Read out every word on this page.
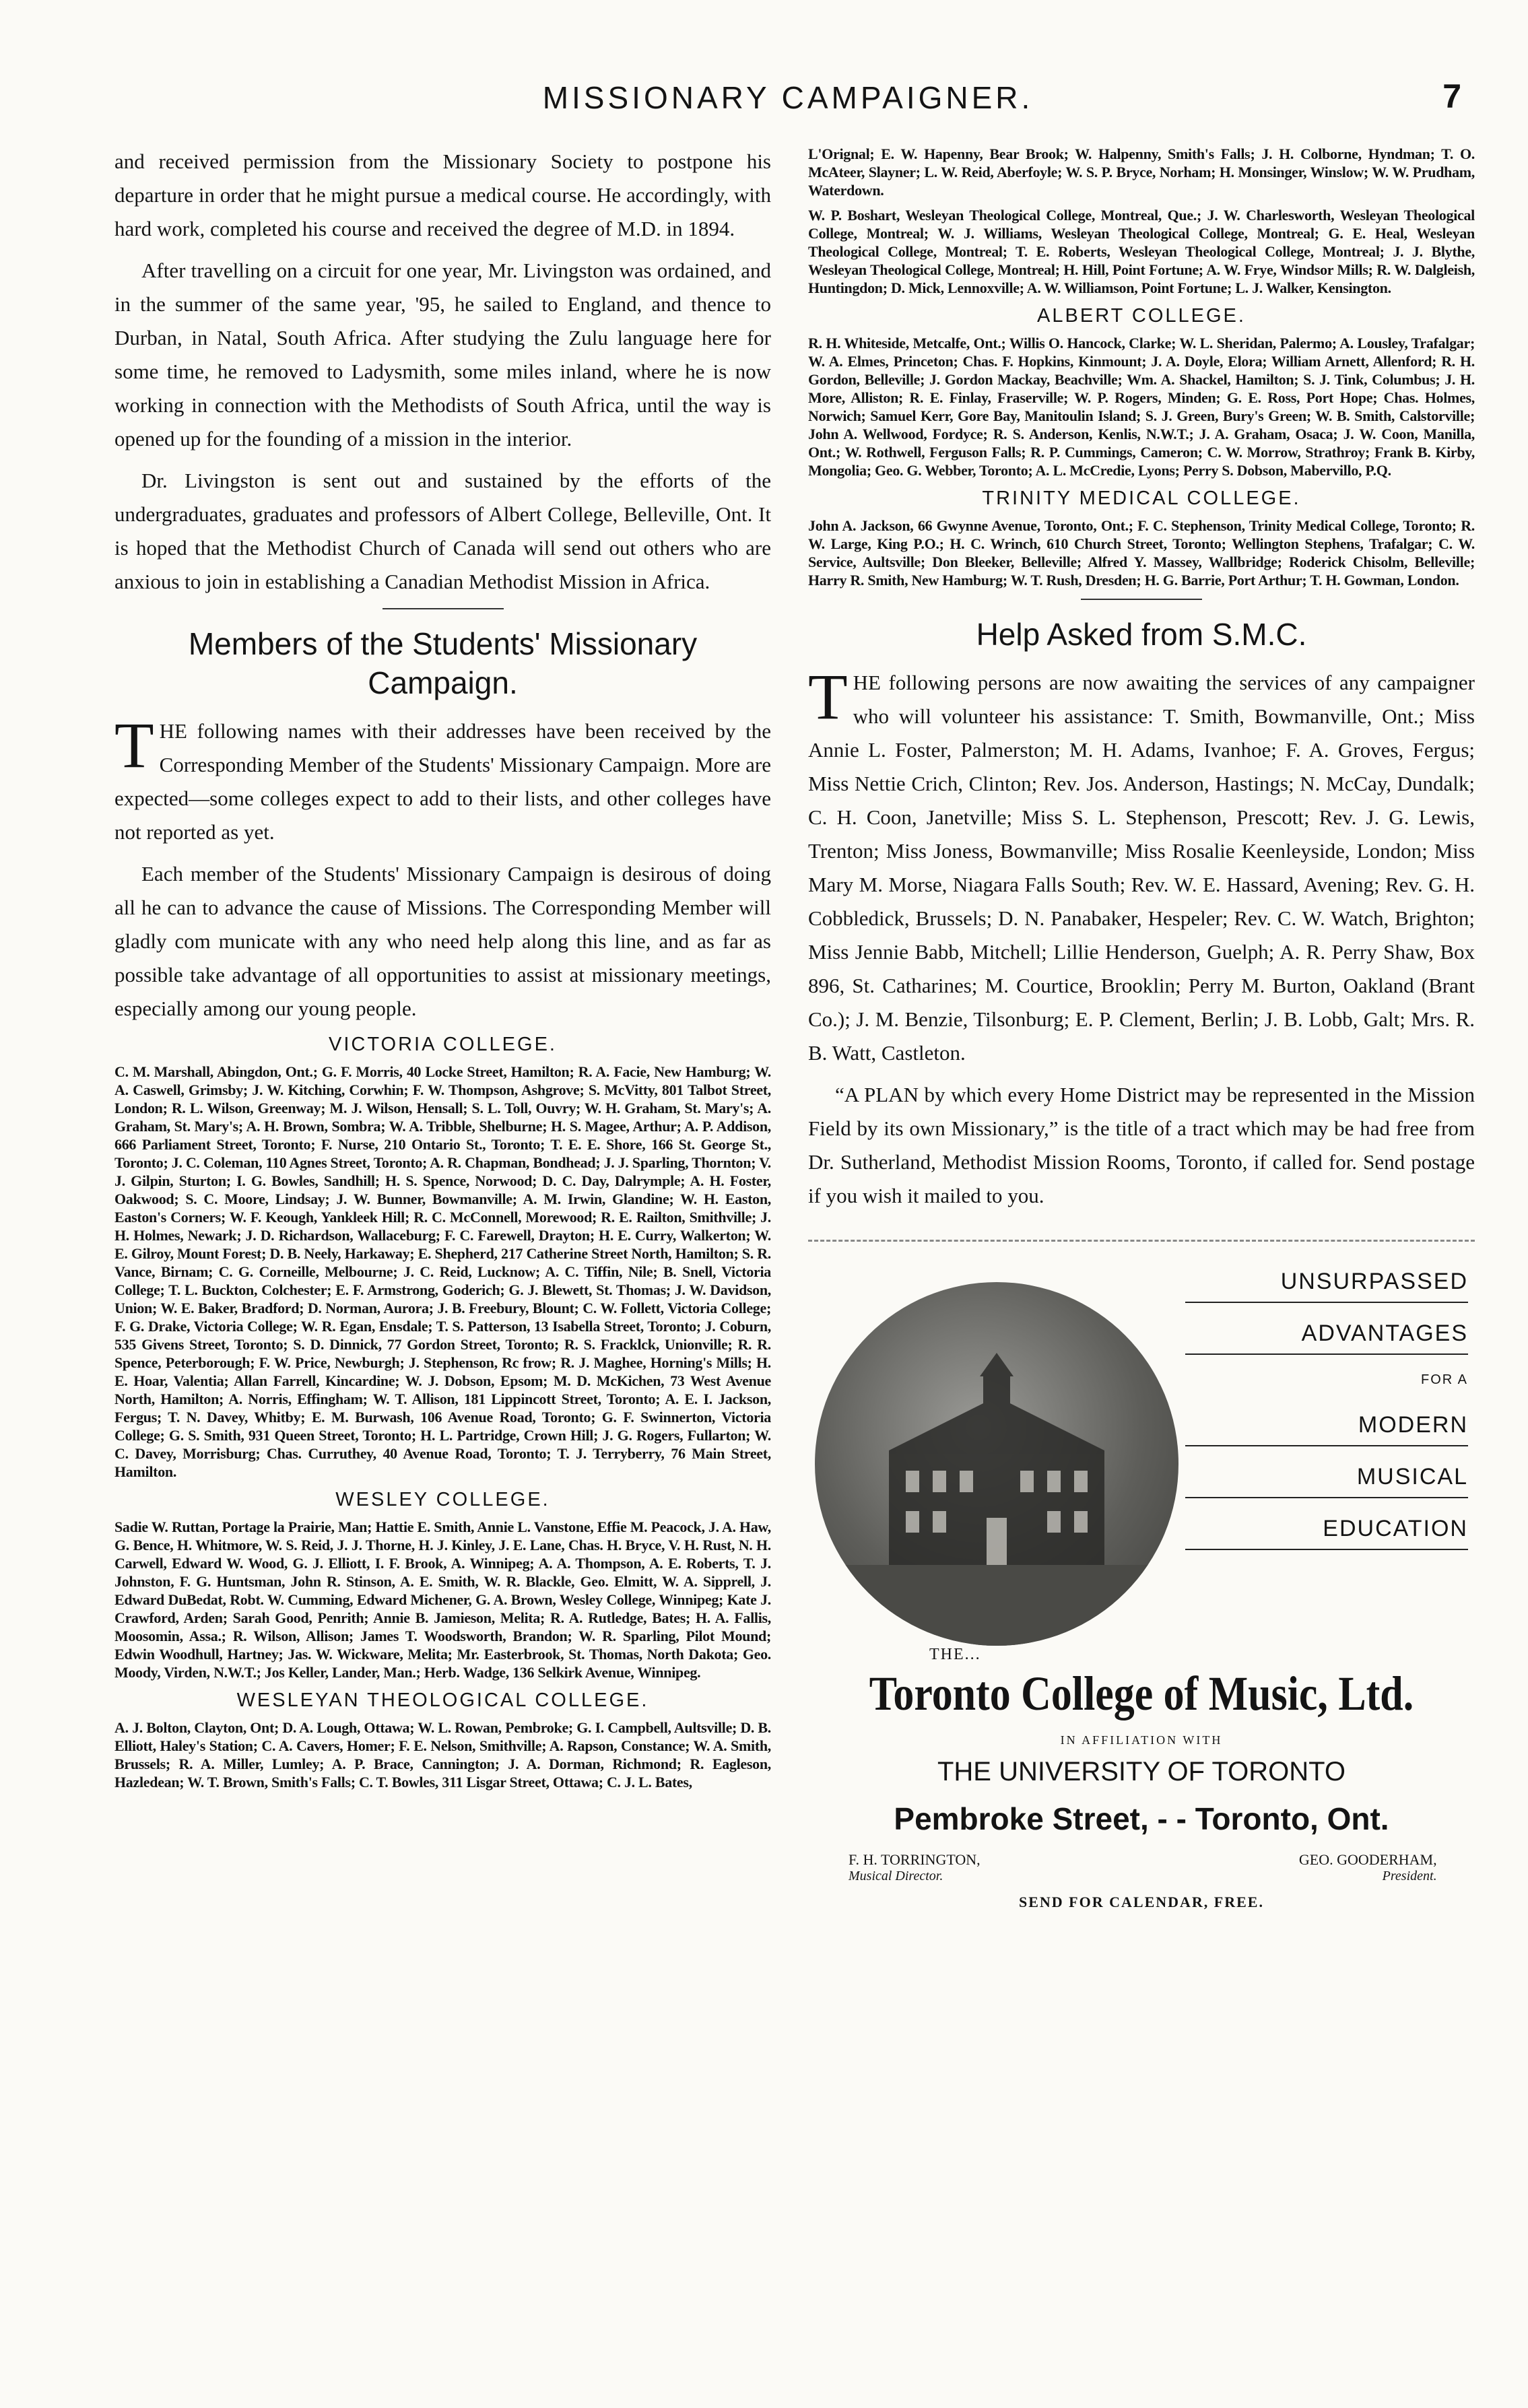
MISSIONARY CAMPAIGNER.	7

and received permission from the Missionary Society to postpone his departure in order that he might pursue a medical course. He accordingly, with hard work, completed his course and received the degree of M.D. in 1894.

After travelling on a circuit for one year, Mr. Livingston was ordained, and in the summer of the same year, '95, he sailed to England, and thence to Durban, in Natal, South Africa. After studying the Zulu language here for some time, he removed to Ladysmith, some miles inland, where he is now working in connection with the Methodists of South Africa, until the way is opened up for the founding of a mission in the interior.

Dr. Livingston is sent out and sustained by the efforts of the undergraduates, graduates and professors of Albert College, Belleville, Ont. It is hoped that the Methodist Church of Canada will send out others who are anxious to join in establishing a Canadian Methodist Mission in Africa.

Members of the Students' Missionary Campaign.

THE following names with their addresses have been received by the Corresponding Member of the Students' Missionary Campaign. More are expected—some colleges expect to add to their lists, and other colleges have not reported as yet.

Each member of the Students' Missionary Campaign is desirous of doing all he can to advance the cause of Missions. The Corresponding Member will gladly com municate with any who need help along this line, and as far as possible take advantage of all opportunities to assist at missionary meetings, especially among our young people.

VICTORIA COLLEGE.

C. M. Marshall, Abingdon, Ont.; G. F. Morris, 40 Locke Street, Hamilton; R. A. Facie, New Hamburg; W. A. Caswell, Grimsby; J. W. Kitching, Corwhin; F. W. Thompson, Ashgrove; S. McVitty, 801 Talbot Street, London; R. L. Wilson, Greenway; M. J. Wilson, Hensall; S. L. Toll, Ouvry; W. H. Graham, St. Mary's; A. Graham, St. Mary's; A. H. Brown, Sombra; W. A. Tribble, Shelburne; H. S. Magee, Arthur; A. P. Addison, 666 Parliament Street, Toronto; F. Nurse, 210 Ontario St., Toronto; T. E. E. Shore, 166 St. George St., Toronto; J. C. Coleman, 110 Agnes Street, Toronto; A. R. Chapman, Bondhead; J. J. Sparling, Thornton; V. J. Gilpin, Sturton; I. G. Bowles, Sandhill; H. S. Spence, Norwood; D. C. Day, Dalrymple; A. H. Foster, Oakwood; S. C. Moore, Lindsay; J. W. Bunner, Bowmanville; A. M. Irwin, Glandine; W. H. Easton, Easton's Corners; W. F. Keough, Yankleek Hill; R. C. McConnell, Morewood; R. E. Railton, Smithville; J. H. Holmes, Newark; J. D. Richardson, Wallaceburg; F. C. Farewell, Drayton; H. E. Curry, Walkerton; W. E. Gilroy, Mount Forest; D. B. Neely, Harkaway; E. Shepherd, 217 Catherine Street North, Hamilton; S. R. Vance, Birnam; C. G. Corneille, Melbourne; J. C. Reid, Lucknow; A. C. Tiffin, Nile; B. Snell, Victoria College; T. L. Buckton, Colchester; E. F. Armstrong, Goderich; G. J. Blewett, St. Thomas; J. W. Davidson, Union; W. E. Baker, Bradford; D. Norman, Aurora; J. B. Freebury, Blount; C. W. Follett, Victoria College; F. G. Drake, Victoria College; W. R. Egan, Ensdale; T. S. Patterson, 13 Isabella Street, Toronto; J. Coburn, 535 Givens Street, Toronto; S. D. Dinnick, 77 Gordon Street, Toronto; R. S. Fracklck, Unionville; R. R. Spence, Peterborough; F. W. Price, Newburgh; J. Stephenson, Rc frow; R. J. Maghee, Horning's Mills; H. E. Hoar, Valentia; Allan Farrell, Kincardine; W. J. Dobson, Epsom; M. D. McKichen, 73 West Avenue North, Hamilton; A. Norris, Effingham; W. T. Allison, 181 Lippincott Street, Toronto; A. E. I. Jackson, Fergus; T. N. Davey, Whitby; E. M. Burwash, 106 Avenue Road, Toronto; G. F. Swinnerton, Victoria College; G. S. Smith, 931 Queen Street, Toronto; H. L. Partridge, Crown Hill; J. G. Rogers, Fullarton; W. C. Davey, Morrisburg; Chas. Curruthey, 40 Avenue Road, Toronto; T. J. Terryberry, 76 Main Street, Hamilton.

WESLEY COLLEGE.

Sadie W. Ruttan, Portage la Prairie, Man; Hattie E. Smith, Annie L. Vanstone, Effie M. Peacock, J. A. Haw, G. Bence, H. Whitmore, W. S. Reid, J. J. Thorne, H. J. Kinley, J. E. Lane, Chas. H. Bryce, V. H. Rust, N. H. Carwell, Edward W. Wood, G. J. Elliott, I. F. Brook, A. Winnipeg; A. A. Thompson, A. E. Roberts, T. J. Johnston, F. G. Huntsman, John R. Stinson, A. E. Smith, W. R. Blackle, Geo. Elmitt, W. A. Sipprell, J. Edward DuBedat, Robt. W. Cumming, Edward Michener, G. A. Brown, Wesley College, Winnipeg; Kate J. Crawford, Arden; Sarah Good, Penrith; Annie B. Jamieson, Melita; R. A. Rutledge, Bates; H. A. Fallis, Moosomin, Assa.; R. Wilson, Allison; James T. Woodsworth, Brandon; W. R. Sparling, Pilot Mound; Edwin Woodhull, Hartney; Jas. W. Wickware, Melita; Mr. Easterbrook, St. Thomas, North Dakota; Geo. Moody, Virden, N.W.T.; Jos Keller, Lander, Man.; Herb. Wadge, 136 Selkirk Avenue, Winnipeg.

WESLEYAN THEOLOGICAL COLLEGE.

A. J. Bolton, Clayton, Ont; D. A. Lough, Ottawa; W. L. Rowan, Pembroke; G. I. Campbell, Aultsville; D. B. Elliott, Haley's Station; C. A. Cavers, Homer; F. E. Nelson, Smithville; A. Rapson, Constance; W. A. Smith, Brussels; R. A. Miller, Lumley; A. P. Brace, Cannington; J. A. Dorman, Richmond; R. Eagleson, Hazledean; W. T. Brown, Smith's Falls; C. T. Bowles, 311 Lisgar Street, Ottawa; C. J. L. Bates,

L'Orignal; E. W. Hapenny, Bear Brook; W. Halpenny, Smith's Falls; J. H. Colborne, Hyndman; T. O. McAteer, Slayner; L. W. Reid, Aberfoyle; W. S. P. Bryce, Norham; H. Monsinger, Winslow; W. W. Prudham, Waterdown.

W. P. Boshart, Wesleyan Theological College, Montreal, Que.; J. W. Charlesworth, Wesleyan Theological College, Montreal; W. J. Williams, Wesleyan Theological College, Montreal; G. E. Heal, Wesleyan Theological College, Montreal; T. E. Roberts, Wesleyan Theological College, Montreal; J. J. Blythe, Wesleyan Theological College, Montreal; H. Hill, Point Fortune; A. W. Frye, Windsor Mills; R. W. Dalgleish, Huntingdon; D. Mick, Lennoxville; A. W. Williamson, Point Fortune; L. J. Walker, Kensington.

ALBERT COLLEGE.

R. H. Whiteside, Metcalfe, Ont.; Willis O. Hancock, Clarke; W. L. Sheridan, Palermo; A. Lousley, Trafalgar; W. A. Elmes, Princeton; Chas. F. Hopkins, Kinmount; J. A. Doyle, Elora; William Arnett, Allenford; R. H. Gordon, Belleville; J. Gordon Mackay, Beachville; Wm. A. Shackel, Hamilton; S. J. Tink, Columbus; J. H. More, Alliston; R. E. Finlay, Fraserville; W. P. Rogers, Minden; G. E. Ross, Port Hope; Chas. Holmes, Norwich; Samuel Kerr, Gore Bay, Manitoulin Island; S. J. Green, Bury's Green; W. B. Smith, Calstorville; John A. Wellwood, Fordyce; R. S. Anderson, Kenlis, N.W.T.; J. A. Graham, Osaca; J. W. Coon, Manilla, Ont.; W. Rothwell, Ferguson Falls; R. P. Cummings, Cameron; C. W. Morrow, Strathroy; Frank B. Kirby, Mongolia; Geo. G. Webber, Toronto; A. L. McCredie, Lyons; Perry S. Dobson, Mabervillo, P.Q.

TRINITY MEDICAL COLLEGE.

John A. Jackson, 66 Gwynne Avenue, Toronto, Ont.; F. C. Stephenson, Trinity Medical College, Toronto; R. W. Large, King P.O.; H. C. Wrinch, 610 Church Street, Toronto; Wellington Stephens, Trafalgar; C. W. Service, Aultsville; Don Bleeker, Belleville; Alfred Y. Massey, Wallbridge; Roderick Chisolm, Belleville; Harry R. Smith, New Hamburg; W. T. Rush, Dresden; H. G. Barrie, Port Arthur; T. H. Gowman, London.

Help Asked from S.M.C.

THE following persons are now awaiting the services of any campaigner who will volunteer his assistance: T. Smith, Bowmanville, Ont.; Miss Annie L. Foster, Palmerston; M. H. Adams, Ivanhoe; F. A. Groves, Fergus; Miss Nettie Crich, Clinton; Rev. Jos. Anderson, Hastings; N. McCay, Dundalk; C. H. Coon, Janetville; Miss S. L. Stephenson, Prescott; Rev. J. G. Lewis, Trenton; Miss Joness, Bowmanville; Miss Rosalie Keenleyside, London; Miss Mary M. Morse, Niagara Falls South; Rev. W. E. Hassard, Avening; Rev. G. H. Cobbledick, Brussels; D. N. Panabaker, Hespeler; Rev. C. W. Watch, Brighton; Miss Jennie Babb, Mitchell; Lillie Henderson, Guelph; A. R. Perry Shaw, Box 896, St. Catharines; M. Courtice, Brooklin; Perry M. Burton, Oakland (Brant Co.); J. M. Benzie, Tilsonburg; E. P. Clement, Berlin; J. B. Lobb, Galt; Mrs. R. B. Watt, Castleton.

“A PLAN by which every Home District may be represented in the Mission Field by its own Missionary,” is the title of a tract which may be had free from Dr. Sutherland, Methodist Mission Rooms, Toronto, if called for. Send postage if you wish it mailed to you.

UNSURPASSED
ADVANTAGES
FOR A
MODERN
MUSICAL
EDUCATION
THE...
Toronto College of Music, Ltd.
IN AFFILIATION WITH
THE UNIVERSITY OF TORONTO
Pembroke Street, - - Toronto, Ont.
F. H. TORRINGTON,
Musical Director.
GEO. GOODERHAM,
President.
SEND FOR CALENDAR, FREE.
